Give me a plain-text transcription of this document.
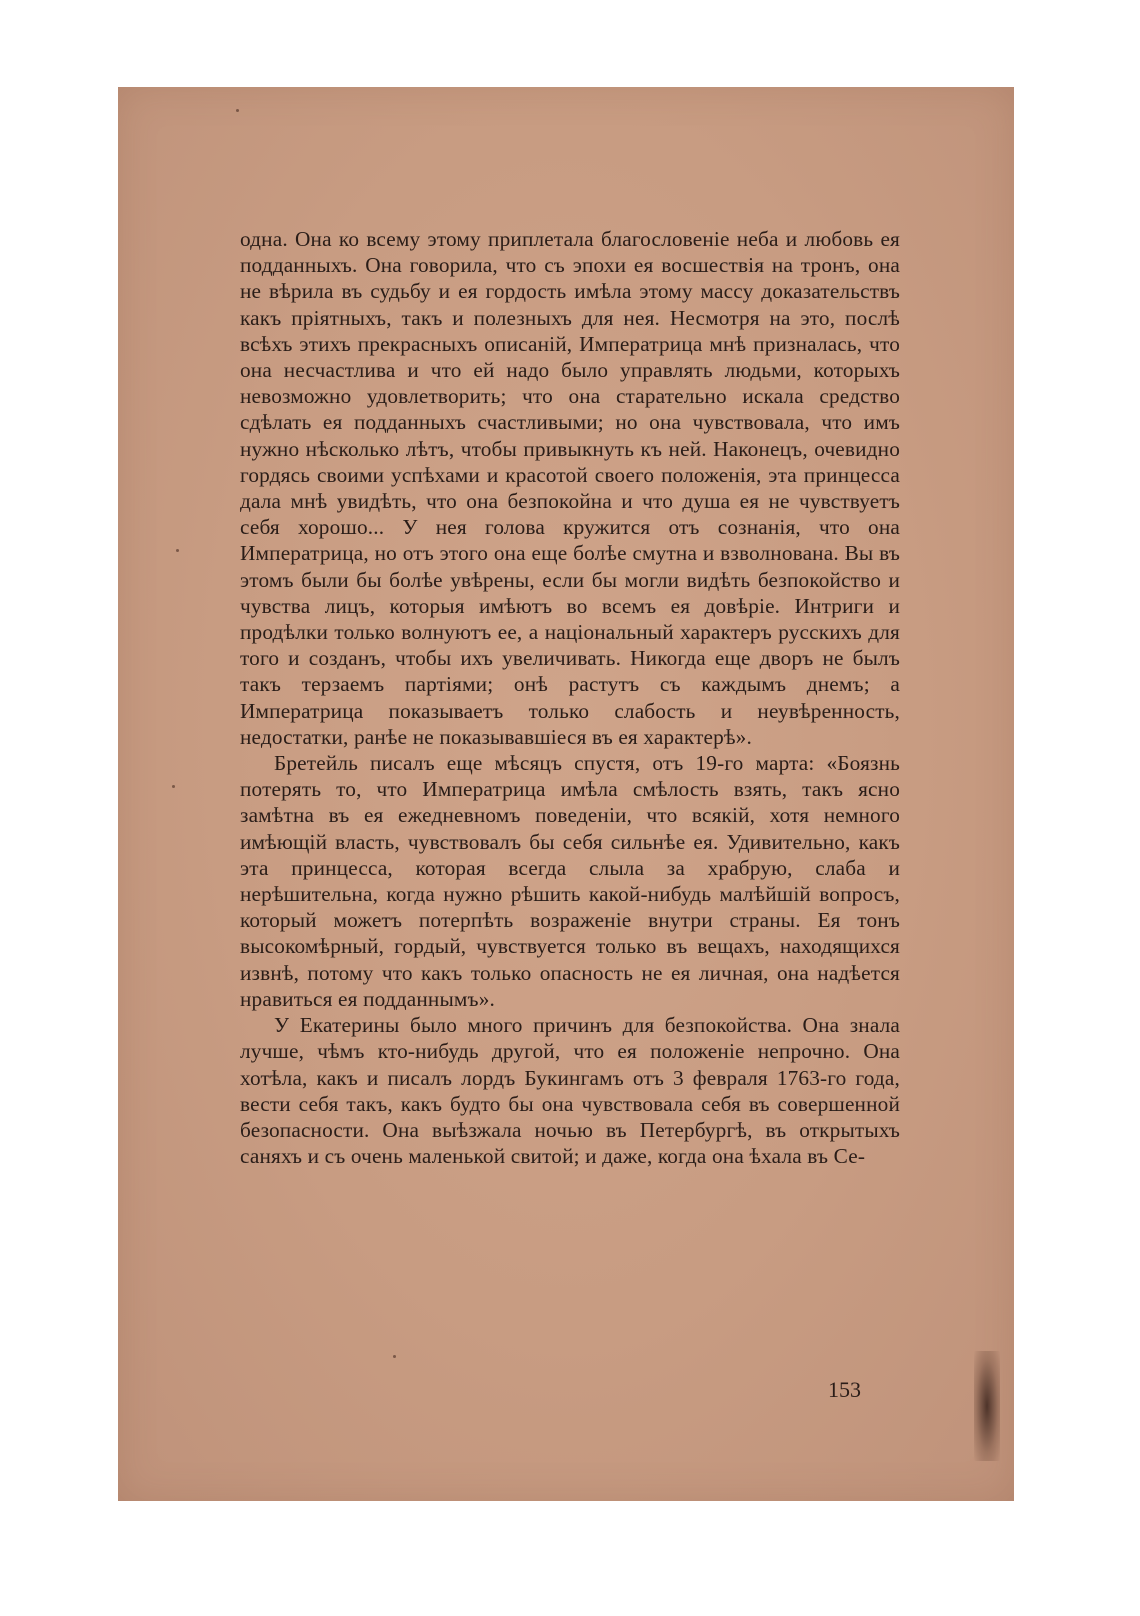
одна. Она ко всему этому приплетала благословенiе неба и любовь ея подданныхъ. Она говорила, что съ эпохи ея восшествiя на тронъ, она не вѣрила въ судьбу и ея гордость имѣла этому массу доказательствъ какъ прiятныхъ, такъ и полезныхъ для нея. Несмотря на это, послѣ всѣхъ этихъ прекрасныхъ описанiй, Императрица мнѣ призналась, что она несчастлива и что ей надо было управлять людьми, которыхъ невозможно удовлетворить; что она старательно искала средство сдѣлать ея подданныхъ счастливыми; но она чувствовала, что имъ нужно нѣсколько лѣтъ, чтобы привыкнуть къ ней. Наконецъ, очевидно гордясь своими успѣхами и красотой своего положенiя, эта принцесса дала мнѣ увидѣть, что она безпокойна и что душа ея не чувствуетъ себя хорошо... У нея голова кружится отъ сознанiя, что она Императрица, но отъ этого она еще болѣе смутна и взволнована. Вы въ этомъ были бы болѣе увѣрены, если бы могли видѣть безпокойство и чувства лицъ, которыя имѣютъ во всемъ ея довѣрiе. Интриги и продѣлки только волнуютъ ее, а нацiональный характеръ русскихъ для того и созданъ, чтобы ихъ увеличивать. Никогда еще дворъ не былъ такъ терзаемъ партiями; онѣ растутъ съ каждымъ днемъ; а Императрица показываетъ только слабость и неувѣренность, недостатки, ранѣе не показывавшiеся въ ея характерѣ».

Бретейль писалъ еще мѣсяцъ спустя, отъ 19-го марта: «Боязнь потерять то, что Императрица имѣла смѣлость взять, такъ ясно замѣтна въ ея ежедневномъ поведенiи, что всякiй, хотя немного имѣющiй власть, чувствовалъ бы себя сильнѣе ея. Удивительно, какъ эта принцесса, которая всегда слыла за храбрую, слаба и нерѣшительна, когда нужно рѣшить какой-нибудь малѣйшiй вопросъ, который можетъ потерпѣть возраженiе внутри страны. Ея тонъ высокомѣрный, гордый, чувствуется только въ вещахъ, находящихся извнѣ, потому что какъ только опасность не ея личная, она надѣется нравиться ея подданнымъ».

У Екатерины было много причинъ для безпокойства. Она знала лучше, чѣмъ кто-нибудь другой, что ея положенiе непрочно. Она хотѣла, какъ и писалъ лордъ Букингамъ отъ 3 февраля 1763-го года, вести себя такъ, какъ будто бы она чувствовала себя въ совершенной безопасности. Она выѣзжала ночью въ Петербургѣ, въ открытыхъ саняхъ и съ очень маленькой свитой; и даже, когда она ѣхала въ Се-

153
